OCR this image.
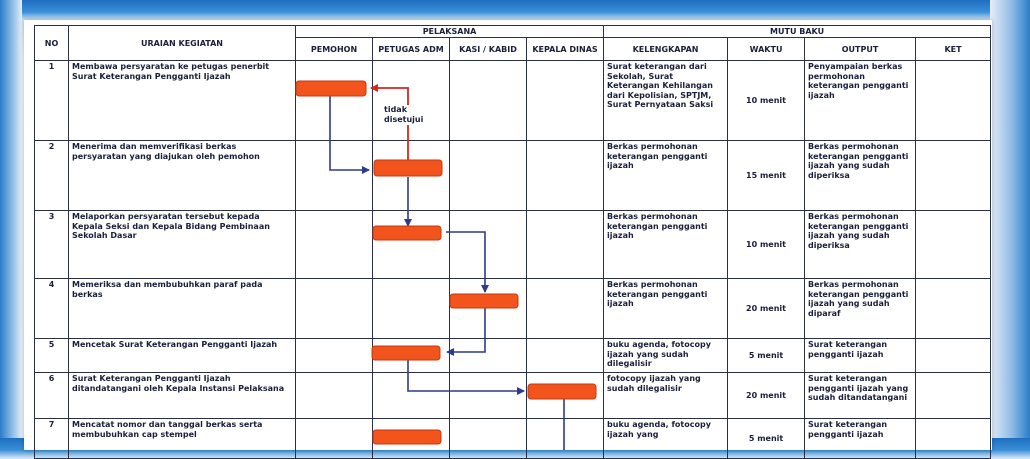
NO	URAIAN KEGIATAN	PELAKSANA				MUTU BAKU			
		PEMOHON	PETUGAS ADM	KASI / KABID	KEPALA DINAS	KELENGKAPAN	WAKTU	OUTPUT	KET
1	Membawa persyaratan ke petugas penerbit Surat Keterangan Pengganti Ijazah					Surat keterangan dari Sekolah, Surat Keterangan Kehilangan dari Kepolisian, SPTJM, Surat Pernyataan Saksi	10 menit	Penyampaian berkas permohonan keterangan pengganti ijazah	
2	Menerima dan memverifikasi berkas persyaratan yang diajukan oleh pemohon					Berkas permohonan keterangan pengganti ijazah	15 menit	Berkas permohonan keterangan pengganti ijazah yang sudah diperiksa	
3	Melaporkan persyaratan tersebut kepada Kepala Seksi dan Kepala Bidang Pembinaan Sekolah Dasar					Berkas permohonan keterangan pengganti ijazah	10 menit	Berkas permohonan keterangan pengganti ijazah yang sudah diperiksa	
4	Memeriksa dan membubuhkan paraf pada berkas					Berkas permohonan keterangan pengganti ijazah	20 menit	Berkas permohonan keterangan pengganti ijazah yang sudah diparaf	
5	Mencetak Surat Keterangan Pengganti Ijazah					buku agenda, fotocopy ijazah yang sudah dilegalisir	5 menit	Surat keterangan pengganti ijazah	
6	Surat Keterangan Pengganti Ijazah ditandatangani oleh Kepala Instansi Pelaksana					fotocopy ijazah yang sudah dilegalisir	20 menit	Surat keterangan pengganti ijazah yang sudah ditandatangani	
7	Mencatat nomor dan tanggal berkas serta membubuhkan cap stempel					buku agenda, fotocopy ijazah yang	5 menit	Surat keterangan pengganti ijazah	
tidak disetujui
